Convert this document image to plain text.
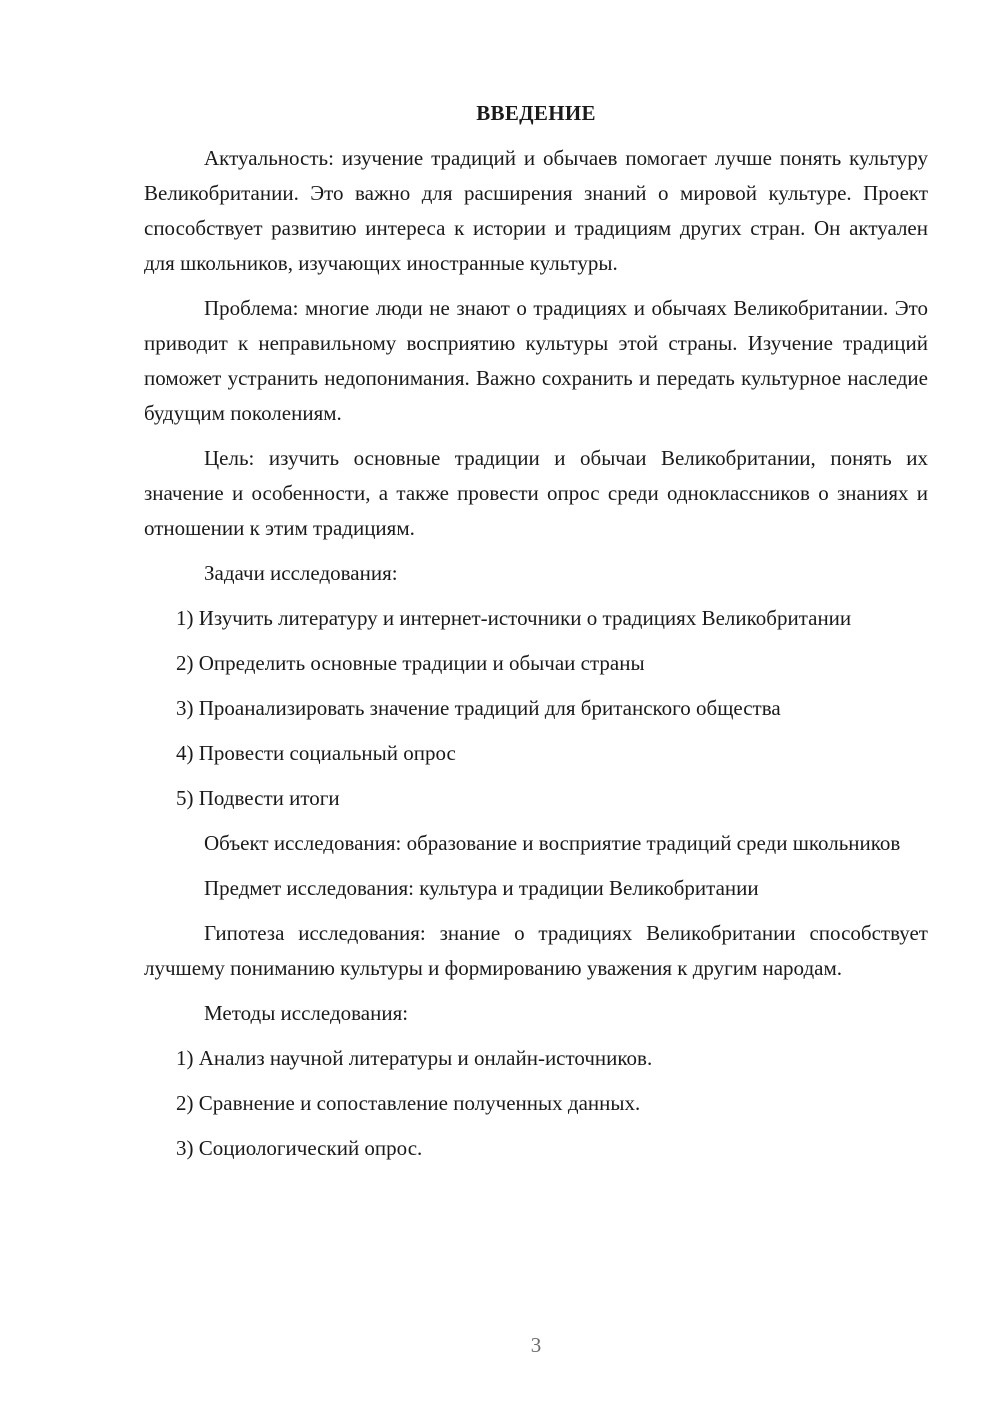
ВВЕДЕНИЕ

Актуальность: изучение традиций и обычаев помогает лучше понять культуру Великобритании. Это важно для расширения знаний о мировой культуре. Проект способствует развитию интереса к истории и традициям других стран. Он актуален для школьников, изучающих иностранные культуры.

Проблема: многие люди не знают о традициях и обычаях Великобритании. Это приводит к неправильному восприятию культуры этой страны. Изучение традиций поможет устранить недопонимания. Важно сохранить и передать культурное наследие будущим поколениям.

Цель: изучить основные традиции и обычаи Великобритании, понять их значение и особенности, а также провести опрос среди одноклассников о знаниях и отношении к этим традициям.

Задачи исследования:

1) Изучить литературу и интернет-источники о традициях Великобритании

2) Определить основные традиции и обычаи страны

3) Проанализировать значение традиций для британского общества

4) Провести социальный опрос

5) Подвести итоги

Объект исследования: образование и восприятие традиций среди школьников

Предмет исследования: культура и традиции Великобритании

Гипотеза исследования: знание о традициях Великобритании способствует лучшему пониманию культуры и формированию уважения к другим народам.

Методы исследования:

1) Анализ научной литературы и онлайн-источников.

2) Сравнение и сопоставление полученных данных.

3) Социологический опрос.

3
